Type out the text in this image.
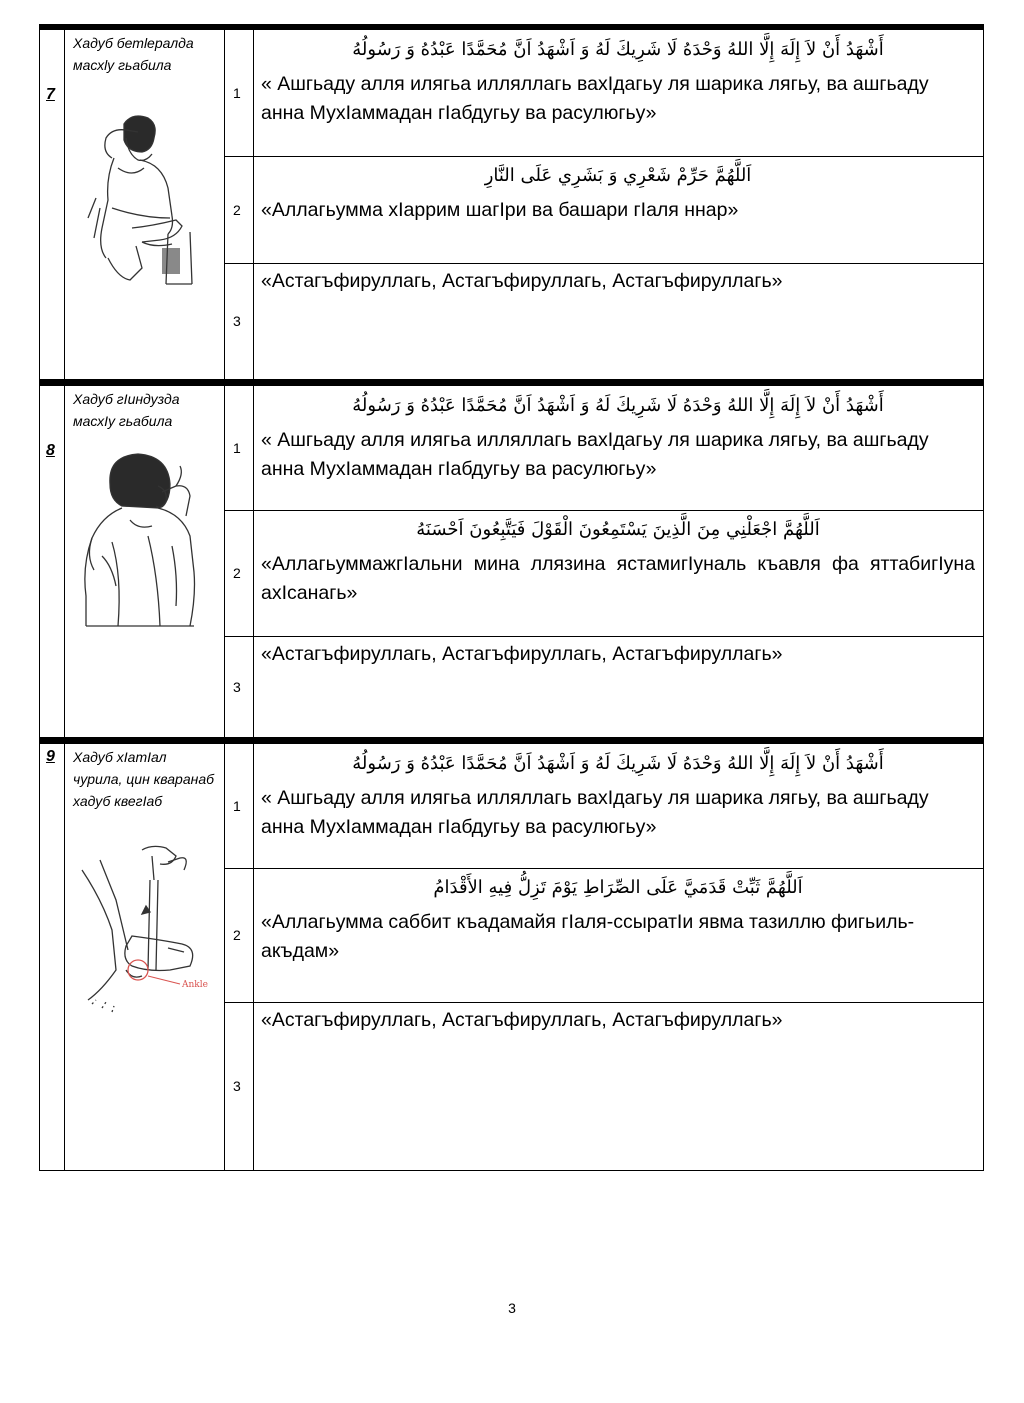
7
Хадуб бетlералда масхlу гьабила
1
أَشْهَدُ أَنْ لاَ إِلَهَ إِلَّا اللهُ وَحْدَهُ لَا شَرِيكَ لَهُ وَ اَشْهَدُ اَنَّ مُحَمَّدًا عَبْدُهُ وَ رَسُولُهُ
« Ашгьаду алля илягьа илляллагь вахIдагьу ля шарика лягьу, ва ашгьаду анна МухIаммадан гIабдугьу ва расулюгьу»
2
اَللَّهُمَّ حَرِّمْ شَعْرِي وَ بَشَرِي عَلَى النَّارِ
«Аллагьумма хIаррим шагIри ва башари гIаля ннар»
3
«Астагъфируллагь, Астагъфируллагь, Астагъфируллагь»
8
Хадуб гIиндузда масхIу гьабила
1
أَشْهَدُ أَنْ لاَ إِلَهَ إِلَّا اللهُ وَحْدَهُ لَا شَرِيكَ لَهُ وَ اَشْهَدُ اَنَّ مُحَمَّدًا عَبْدُهُ وَ رَسُولُهُ
« Ашгьаду алля илягьа илляллагь вахIдагьу ля шарика лягьу, ва ашгьаду анна МухIаммадан гIабдугьу ва расулюгьу»
2
اَللَّهُمَّ اجْعَلْنِي مِنَ الَّذِينَ يَسْتَمِعُونَ الْقَوْلَ فَيَتَّبِعُونَ اَحْسَنَهُ
«АллагьуммажгIальни мина ллязина ястамигIуналь къавля фа яттабигIуна ахIсанагь»
3
«Астагъфируллагь, Астагъфируллагь, Астагъфируллагь»
9 Хадуб хIатIал чурила, цин кваранаб хадуб квегIаб
Ankle
1
أَشْهَدُ أَنْ لاَ إِلَهَ إِلَّا اللهُ وَحْدَهُ لَا شَرِيكَ لَهُ وَ اَشْهَدُ اَنَّ مُحَمَّدًا عَبْدُهُ وَ رَسُولُهُ
« Ашгьаду алля илягьа илляллагь вахIдагьу ля шарика лягьу, ва ашгьаду анна МухIаммадан гIабдугьу ва расулюгьу»
2
اَللَّهُمَّ ثَبِّتْ قَدَمَيَّ عَلَى الصِّرَاطِ يَوْمَ تَزِلُّ فِيهِ الأَقْدَامُ
«Аллагьумма саббит къадамайя гIаля-ссыратIи явма тазиллю фигьиль-акъдам»
3
«Астагъфируллагь, Астагъфируллагь, Астагъфируллагь»
3
